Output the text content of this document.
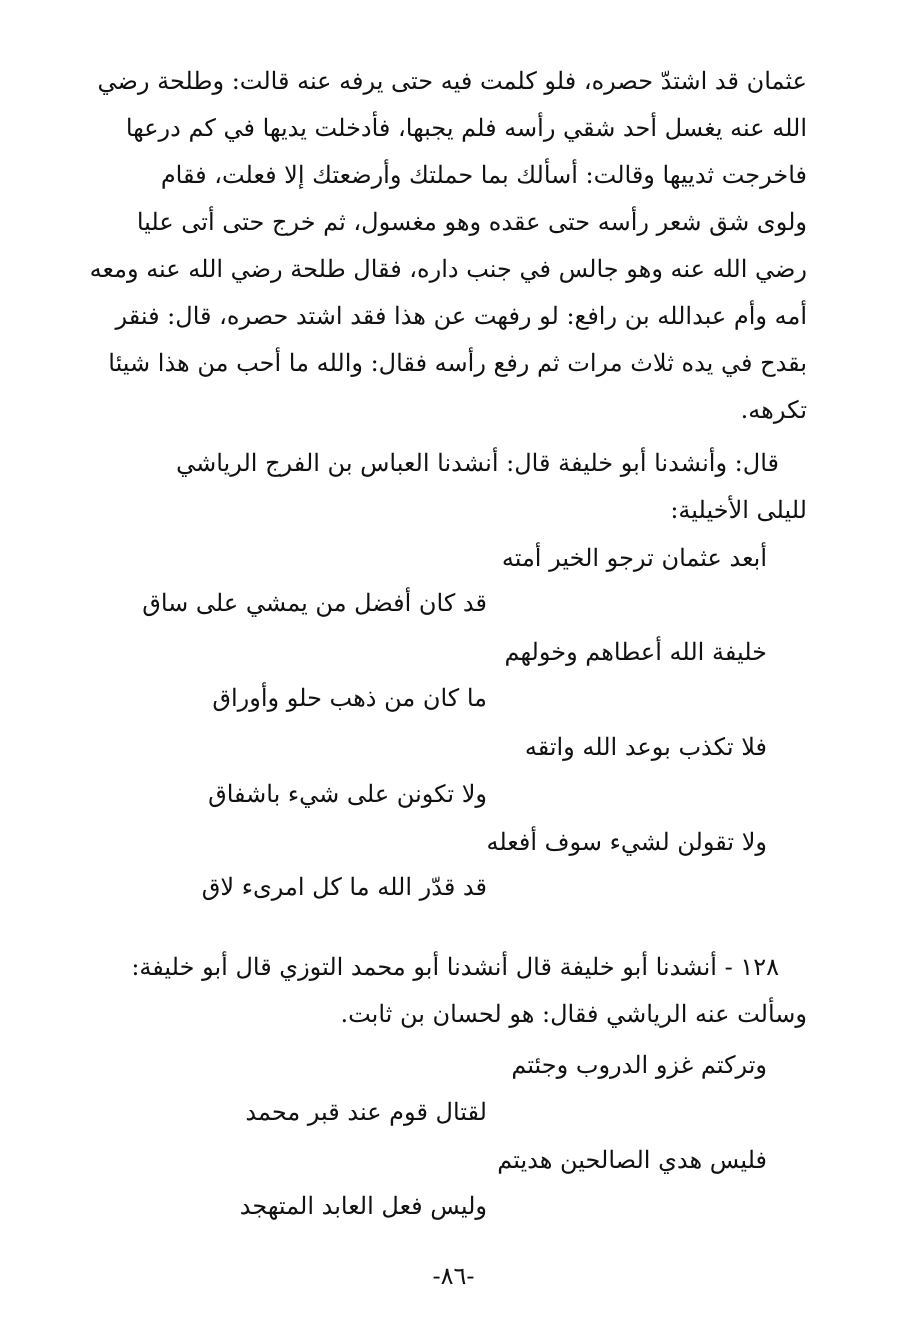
عثمان قد اشتدّ حصره، فلو كلمت فيه حتى يرفه عنه قالت: وطلحة رضي
الله عنه يغسل أحد شقي رأسه فلم يجبها، فأدخلت يديها في كم درعها
فاخرجت ثدييها وقالت: أسألك بما حملتك وأرضعتك إلا فعلت، فقام
ولوى شق شعر رأسه حتى عقده وهو مغسول، ثم خرج حتى أتى عليا
رضي الله عنه وهو جالس في جنب داره، فقال طلحة رضي الله عنه ومعه
أمه وأم عبدالله بن رافع: لو رفهت عن هذا فقد اشتد حصره، قال: فنقر
بقدح في يده ثلاث مرات ثم رفع رأسه فقال: والله ما أحب من هذا شيئا
تكرهه.
قال: وأنشدنا أبو خليفة قال: أنشدنا العباس بن الفرج الرياشي
لليلى الأخيلية:
أبعد عثمان ترجو الخير أمته
قد كان أفضل من يمشي على ساق
خليفة الله أعطاهم وخولهم
ما كان من ذهب حلو وأوراق
فلا تكذب بوعد الله واتقه
ولا تكونن على شيء باشفاق
ولا تقولن لشيء سوف أفعله
قد قدّر الله ما كل امرىء لاق
١٢٨ - أنشدنا أبو خليفة قال أنشدنا أبو محمد التوزي قال أبو خليفة:
وسألت عنه الرياشي فقال: هو لحسان بن ثابت.
وتركتم غزو الدروب وجئتم
لقتال قوم عند قبر محمد
فليس هدي الصالحين هديتم
وليس فعل العابد المتهجد
-٨٦-
